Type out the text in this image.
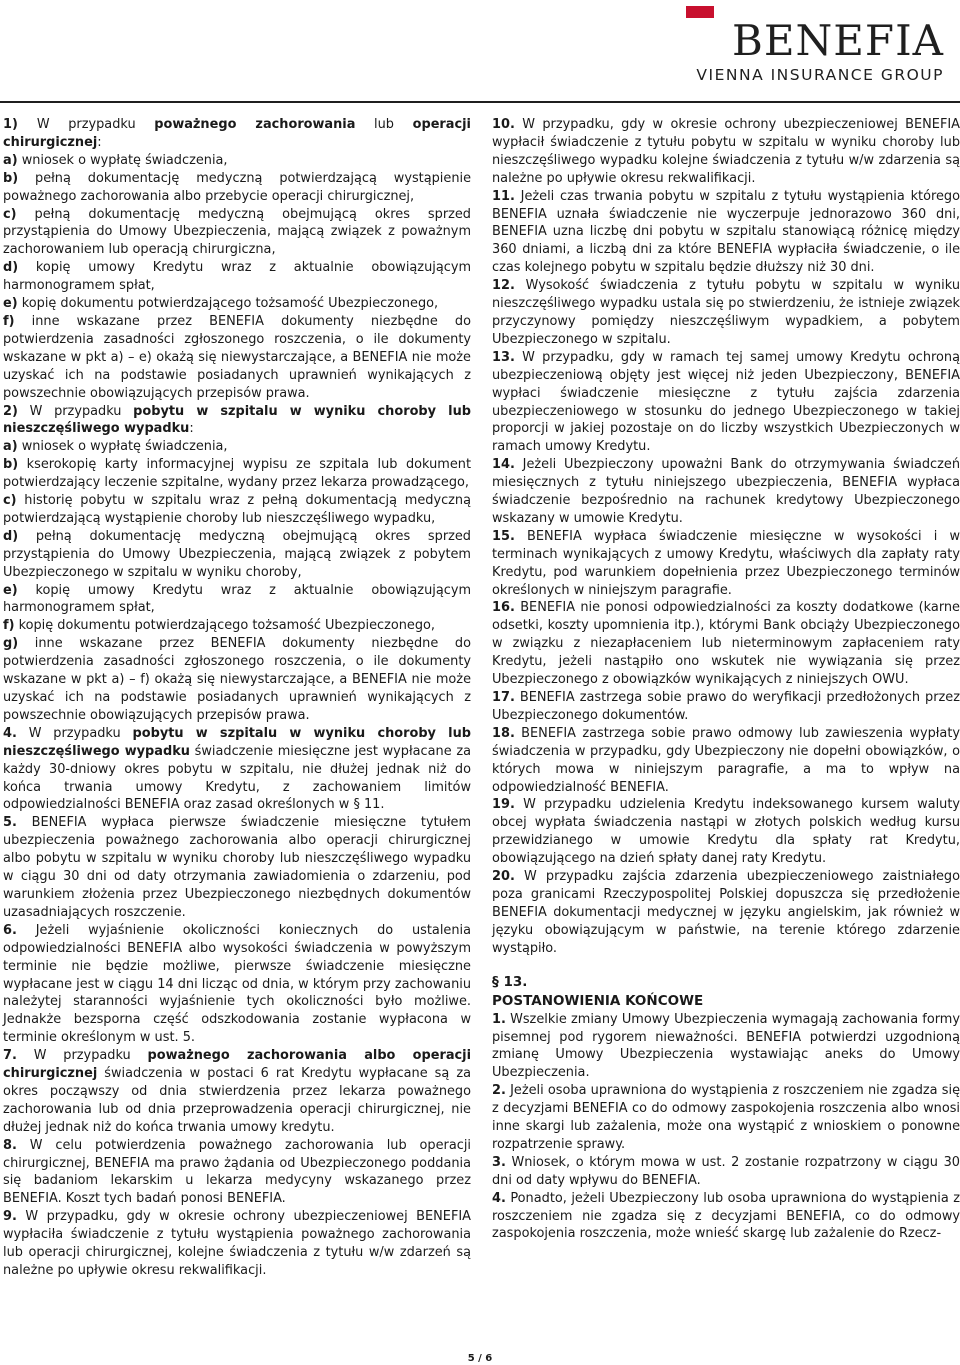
BENEFIA
VIENNA INSURANCE GROUP

1) W przypadku poważnego zachorowania lub operacji chirurgicznej:

a) wniosek o wypłatę świadczenia,

b) pełną dokumentację medyczną potwierdzającą wystąpienie poważnego zachorowania albo przebycie operacji chirurgicznej,

c) pełną dokumentację medyczną obejmującą okres sprzed przystąpienia do Umowy Ubezpieczenia, mającą związek z poważnym zachorowaniem lub operacją chirurgiczna,

d) kopię umowy Kredytu wraz z aktualnie obowiązującym harmonogramem spłat,

e) kopię dokumentu potwierdzającego tożsamość Ubezpieczonego,

f) inne wskazane przez BENEFIA dokumenty niezbędne do potwierdzenia zasadności zgłoszonego roszczenia, o ile dokumenty wskazane w pkt a) – e) okażą się niewystarczające, a BENEFIA nie może uzyskać ich na podstawie posiadanych uprawnień wynikających z powszechnie obowiązujących przepisów prawa.

2) W przypadku pobytu w szpitalu w wyniku choroby lub nieszczęśliwego wypadku:

a) wniosek o wypłatę świadczenia,

b) kserokopię karty informacyjnej wypisu ze szpitala lub dokument potwierdzający leczenie szpitalne, wydany przez lekarza prowadzącego,

c) historię pobytu w szpitalu wraz z pełną dokumentacją medyczną potwierdzającą wystąpienie choroby lub nieszczęśliwego wypadku,

d) pełną dokumentację medyczną obejmującą okres sprzed przystąpienia do Umowy Ubezpieczenia, mającą związek z pobytem Ubezpieczonego w szpitalu w wyniku choroby,

e) kopię umowy Kredytu wraz z aktualnie obowiązującym harmonogramem spłat,

f) kopię dokumentu potwierdzającego tożsamość Ubezpieczonego,

g) inne wskazane przez BENEFIA dokumenty niezbędne do potwierdzenia zasadności zgłoszonego roszczenia, o ile dokumenty wskazane w pkt a) – f) okażą się niewystarczające, a BENEFIA nie może uzyskać ich na podstawie posiadanych uprawnień wynikających z powszechnie obowiązujących przepisów prawa.

4. W przypadku pobytu w szpitalu w wyniku choroby lub nieszczęśliwego wypadku świadczenie miesięczne jest wypłacane za każdy 30-dniowy okres pobytu w szpitalu, nie dłużej jednak niż do końca trwania umowy Kredytu, z zachowaniem limitów odpowiedzialności BENEFIA oraz zasad określonych w § 11.

5. BENEFIA wypłaca pierwsze świadczenie miesięczne tytułem ubezpieczenia poważnego zachorowania albo operacji chirurgicznej albo pobytu w szpitalu w wyniku choroby lub nieszczęśliwego wypadku w ciągu 30 dni od daty otrzymania zawiadomienia o zdarzeniu, pod warunkiem złożenia przez Ubezpieczonego niezbędnych dokumentów uzasadniających roszczenie.

6. Jeżeli wyjaśnienie okoliczności koniecznych do ustalenia odpowiedzialności BENEFIA albo wysokości świadczenia w powyższym terminie nie będzie możliwe, pierwsze świadczenie miesięczne wypłacane jest w ciągu 14 dni licząc od dnia, w którym przy zachowaniu należytej staranności wyjaśnienie tych okoliczności było możliwe. Jednakże bezsporna część odszkodowania zostanie wypłacona w terminie określonym w ust. 5.

7. W przypadku poważnego zachorowania albo operacji chirurgicznej świadczenia w postaci 6 rat Kredytu wypłacane są za okres począwszy od dnia stwierdzenia przez lekarza poważnego zachorowania lub od dnia przeprowadzenia operacji chirurgicznej, nie dłużej jednak niż do końca trwania umowy kredytu.

8. W celu potwierdzenia poważnego zachorowania lub operacji chirurgicznej, BENEFIA ma prawo żądania od Ubezpieczonego poddania się badaniom lekarskim u lekarza medycyny wskazanego przez BENEFIA. Koszt tych badań ponosi BENEFIA.

9. W przypadku, gdy w okresie ochrony ubezpieczeniowej BENEFIA wypłaciła świadczenie z tytułu wystąpienia poważnego zachorowania lub operacji chirurgicznej, kolejne świadczenia z tytułu w/w zdarzeń są należne po upływie okresu rekwalifikacji.

10. W przypadku, gdy w okresie ochrony ubezpieczeniowej BENEFIA wypłacił świadczenie z tytułu pobytu w szpitalu w wyniku choroby lub nieszczęśliwego wypadku kolejne świadczenia z tytułu w/w zdarzenia są należne po upływie okresu rekwalifikacji.

11. Jeżeli czas trwania pobytu w szpitalu z tytułu wystąpienia którego BENEFIA uznała świadczenie nie wyczerpuje jednorazowo 360 dni, BENEFIA uzna liczbę dni pobytu w szpitalu stanowiącą różnicę między 360 dniami, a liczbą dni za które BENEFIA wypłaciła świadczenie, o ile czas kolejnego pobytu w szpitalu będzie dłuższy niż 30 dni.

12. Wysokość świadczenia z tytułu pobytu w szpitalu w wyniku nieszczęśliwego wypadku ustala się po stwierdzeniu, że istnieje związek przyczynowy pomiędzy nieszczęśliwym wypadkiem, a pobytem Ubezpieczonego w szpitalu.

13. W przypadku, gdy w ramach tej samej umowy Kredytu ochroną ubezpieczeniową objęty jest więcej niż jeden Ubezpieczony, BENEFIA wypłaci świadczenie miesięczne z tytułu zajścia zdarzenia ubezpieczeniowego w stosunku do jednego Ubezpieczonego w takiej proporcji w jakiej pozostaje on do liczby wszystkich Ubezpieczonych w ramach umowy Kredytu.

14. Jeżeli Ubezpieczony upoważni Bank do otrzymywania świadczeń miesięcznych z tytułu niniejszego ubezpieczenia, BENEFIA wypłaca świadczenie bezpośrednio na rachunek kredytowy Ubezpieczonego wskazany w umowie Kredytu.

15. BENEFIA wypłaca świadczenie miesięczne w wysokości i w terminach wynikających z umowy Kredytu, właściwych dla zapłaty raty Kredytu, pod warunkiem dopełnienia przez Ubezpieczonego terminów określonych w niniejszym paragrafie.

16. BENEFIA nie ponosi odpowiedzialności za koszty dodatkowe (karne odsetki, koszty upomnienia itp.), którymi Bank obciąży Ubezpieczonego w związku z niezapłaceniem lub nieterminowym zapłaceniem raty Kredytu, jeżeli nastąpiło ono wskutek nie wywiązania się przez Ubezpieczonego z obowiązków wynikających z niniejszych OWU.

17. BENEFIA zastrzega sobie prawo do weryfikacji przedłożonych przez Ubezpieczonego dokumentów.

18. BENEFIA zastrzega sobie prawo odmowy lub zawieszenia wypłaty świadczenia w przypadku, gdy Ubezpieczony nie dopełni obowiązków, o których mowa w niniejszym paragrafie, a ma to wpływ na odpowiedzialność BENEFIA.

19. W przypadku udzielenia Kredytu indeksowanego kursem waluty obcej wypłata świadczenia nastąpi w złotych polskich według kursu przewidzianego w umowie Kredytu dla spłaty rat Kredytu, obowiązującego na dzień spłaty danej raty Kredytu.

20. W przypadku zajścia zdarzenia ubezpieczeniowego zaistniałego poza granicami Rzeczypospolitej Polskiej dopuszcza się przedłożenie BENEFIA dokumentacji medycznej w języku angielskim, jak również w języku obowiązującym w państwie, na terenie którego zdarzenie wystąpiło.

§ 13.

POSTANOWIENIA KOŃCOWE

1. Wszelkie zmiany Umowy Ubezpieczenia wymagają zachowania formy pisemnej pod rygorem nieważności. BENEFIA potwierdzi uzgodnioną zmianę Umowy Ubezpieczenia wystawiając aneks do Umowy Ubezpieczenia.

2. Jeżeli osoba uprawniona do wystąpienia z roszczeniem nie zgadza się z decyzjami BENEFIA co do odmowy zaspokojenia roszczenia albo wnosi inne skargi lub zażalenia, może ona wystąpić z wnioskiem o ponowne rozpatrzenie sprawy.

3. Wniosek, o którym mowa w ust. 2 zostanie rozpatrzony w ciągu 30 dni od daty wpływu do BENEFIA.

4. Ponadto, jeżeli Ubezpieczony lub osoba uprawniona do wystąpienia z roszczeniem nie zgadza się z decyzjami BENEFIA, co do odmowy zaspokojenia roszczenia, może wnieść skargę lub zażalenie do Rzecz-

5 / 6
